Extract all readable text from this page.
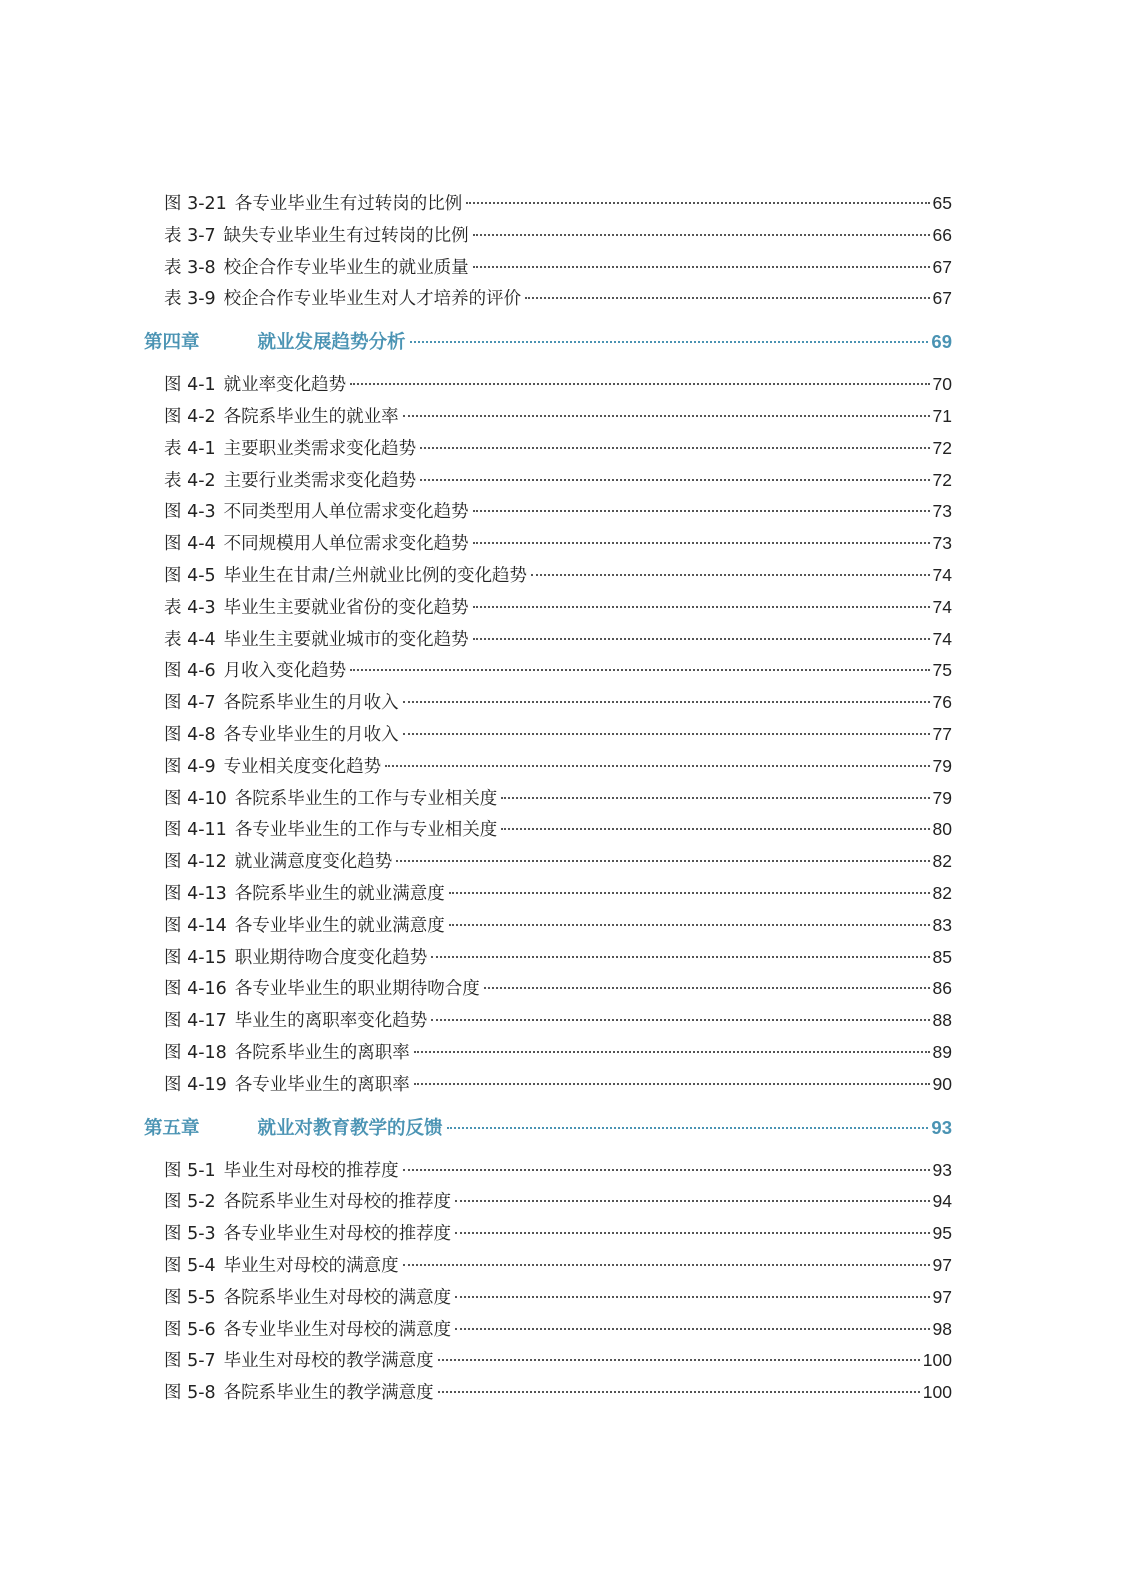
图 3-21 各专业毕业生有过转岗的比例	65
表 3-7 缺失专业毕业生有过转岗的比例	66
表 3-8 校企合作专业毕业生的就业质量	67
表 3-9 校企合作专业毕业生对人才培养的评价	67
第四章	就业发展趋势分析	69
图 4-1 就业率变化趋势	70
图 4-2 各院系毕业生的就业率	71
表 4-1 主要职业类需求变化趋势	72
表 4-2 主要行业类需求变化趋势	72
图 4-3 不同类型用人单位需求变化趋势	73
图 4-4 不同规模用人单位需求变化趋势	73
图 4-5 毕业生在甘肃/兰州就业比例的变化趋势	74
表 4-3 毕业生主要就业省份的变化趋势	74
表 4-4 毕业生主要就业城市的变化趋势	74
图 4-6 月收入变化趋势	75
图 4-7 各院系毕业生的月收入	76
图 4-8 各专业毕业生的月收入	77
图 4-9 专业相关度变化趋势	79
图 4-10 各院系毕业生的工作与专业相关度	79
图 4-11 各专业毕业生的工作与专业相关度	80
图 4-12 就业满意度变化趋势	82
图 4-13 各院系毕业生的就业满意度	82
图 4-14 各专业毕业生的就业满意度	83
图 4-15 职业期待吻合度变化趋势	85
图 4-16 各专业毕业生的职业期待吻合度	86
图 4-17 毕业生的离职率变化趋势	88
图 4-18 各院系毕业生的离职率	89
图 4-19 各专业毕业生的离职率	90
第五章	就业对教育教学的反馈	93
图 5-1 毕业生对母校的推荐度	93
图 5-2 各院系毕业生对母校的推荐度	94
图 5-3 各专业毕业生对母校的推荐度	95
图 5-4 毕业生对母校的满意度	97
图 5-5 各院系毕业生对母校的满意度	97
图 5-6 各专业毕业生对母校的满意度	98
图 5-7 毕业生对母校的教学满意度	100
图 5-8 各院系毕业生的教学满意度	100
